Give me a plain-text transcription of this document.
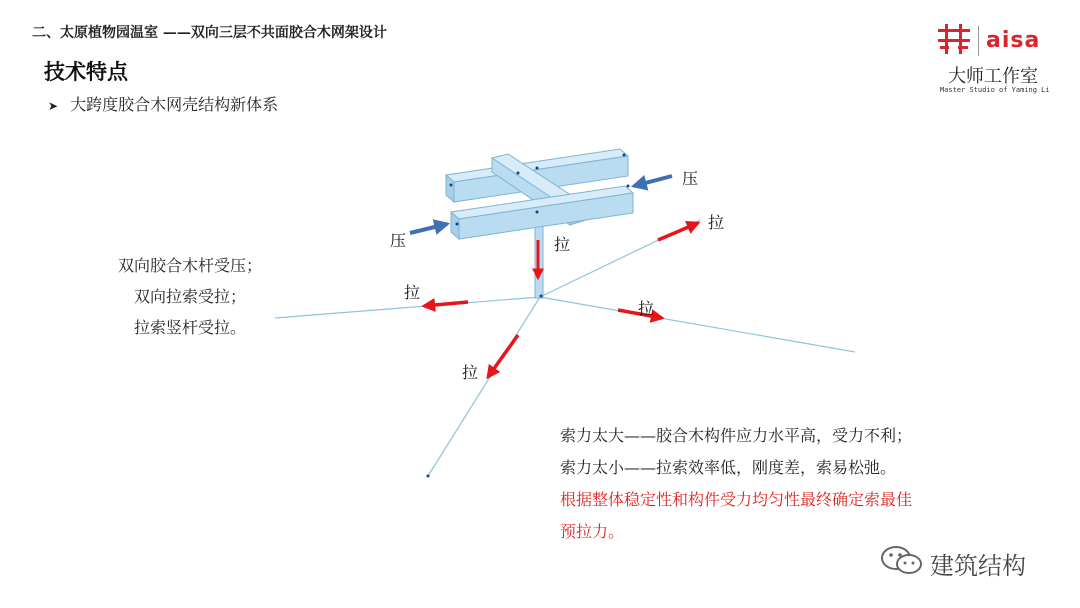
二、太原植物园温室 ——双向三层不共面胶合木网架设计
技术特点
➤ 大跨度胶合木网壳结构新体系
aisa
大师工作室
Master Studio of Yaming Li
压
压	拉
拉
拉
拉
拉
双向胶合木杆受压；
双向拉索受拉；
拉索竖杆受拉。
索力太大——胶合木构件应力水平高，受力不利；
索力太小——拉索效率低，刚度差，索易松弛。
根据整体稳定性和构件受力均匀性最终确定索最佳
预拉力。
建筑结构
